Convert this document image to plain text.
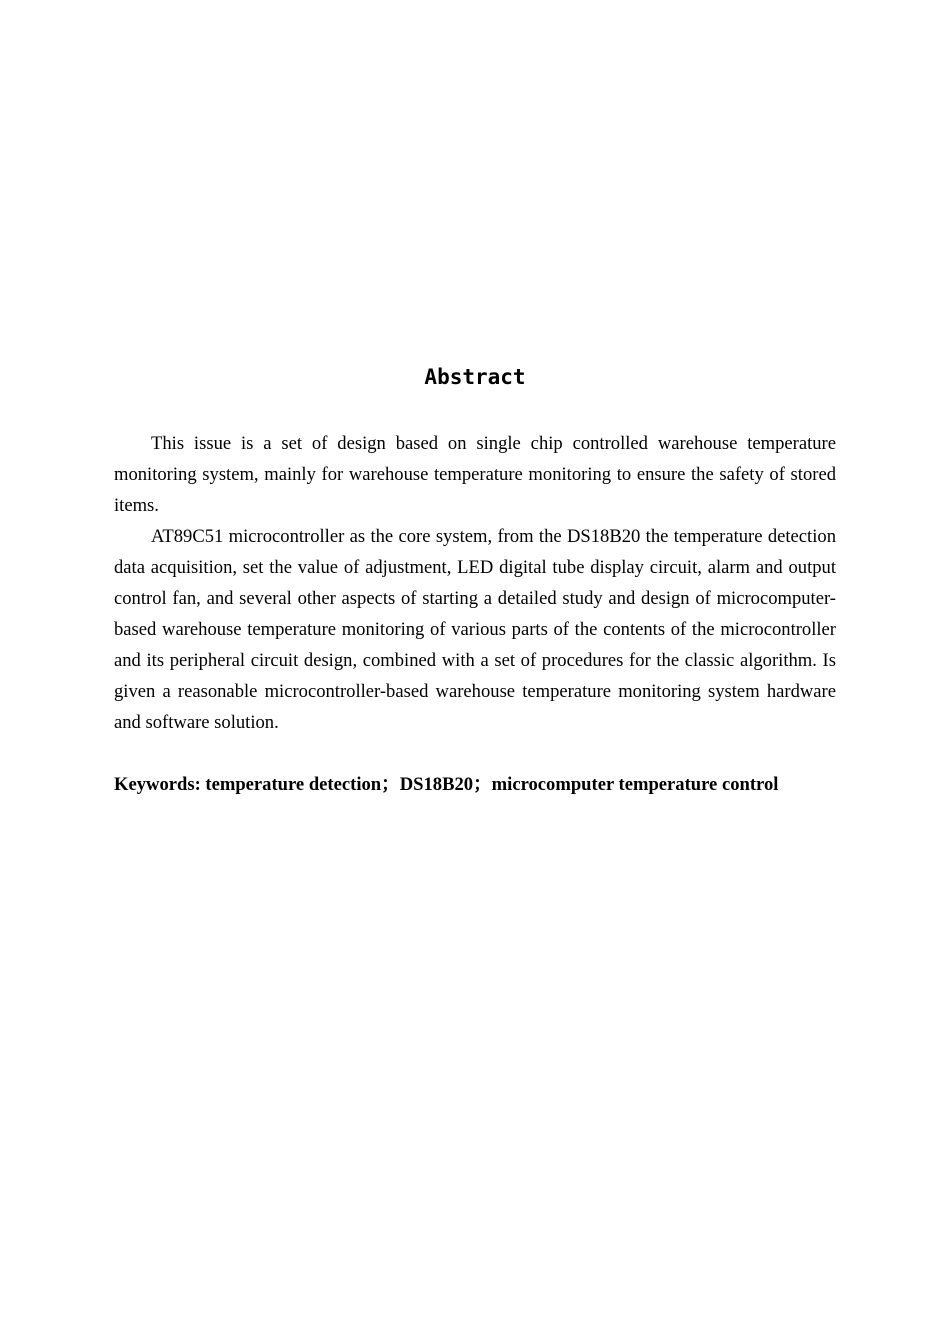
Abstract

This issue is a set of design based on single chip controlled warehouse temperature monitoring system, mainly for warehouse temperature monitoring to ensure the safety of stored items.

AT89C51 microcontroller as the core system, from the DS18B20 the temperature detection data acquisition, set the value of adjustment, LED digital tube display circuit, alarm and output control fan, and several other aspects of starting a detailed study and design of microcomputer-based warehouse temperature monitoring of various parts of the contents of the microcontroller and its peripheral circuit design, combined with a set of procedures for the classic algorithm. Is given a reasonable microcontroller-based warehouse temperature monitoring system hardware and software solution.

Keywords: temperature detection；DS18B20；microcomputer temperature control
